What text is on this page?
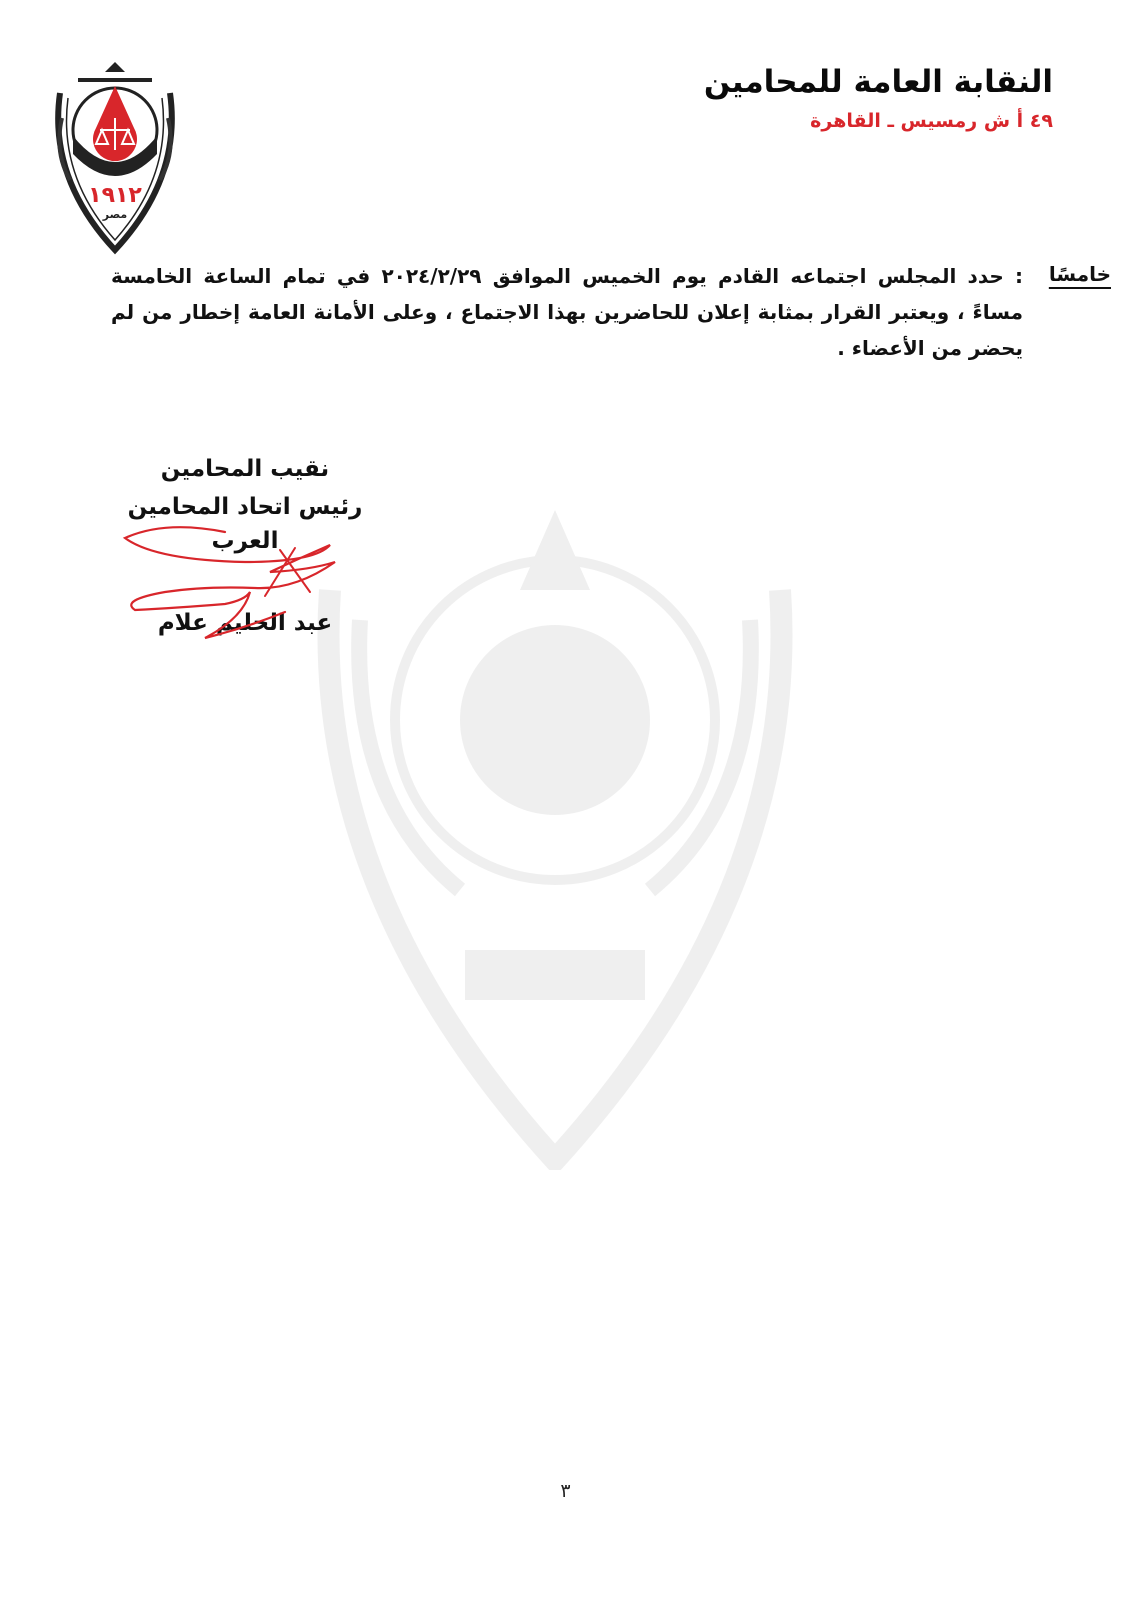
١٩١٢
مصر
النقابة العامة للمحامين
٤٩ أ ش رمسيس ـ القاهرة
خامسًا
: حدد المجلس اجتماعه القادم يوم الخميس الموافق ٢٠٢٤/٢/٢٩ في تمام الساعة الخامسة مساءً ، ويعتبر القرار بمثابة إعلان للحاضرين بهذا الاجتماع ، وعلى الأمانة العامة إخطار من لم يحضر من الأعضاء .
نقيب المحامين
رئيس اتحاد المحامين العرب
عبد الحليم علام
٣
